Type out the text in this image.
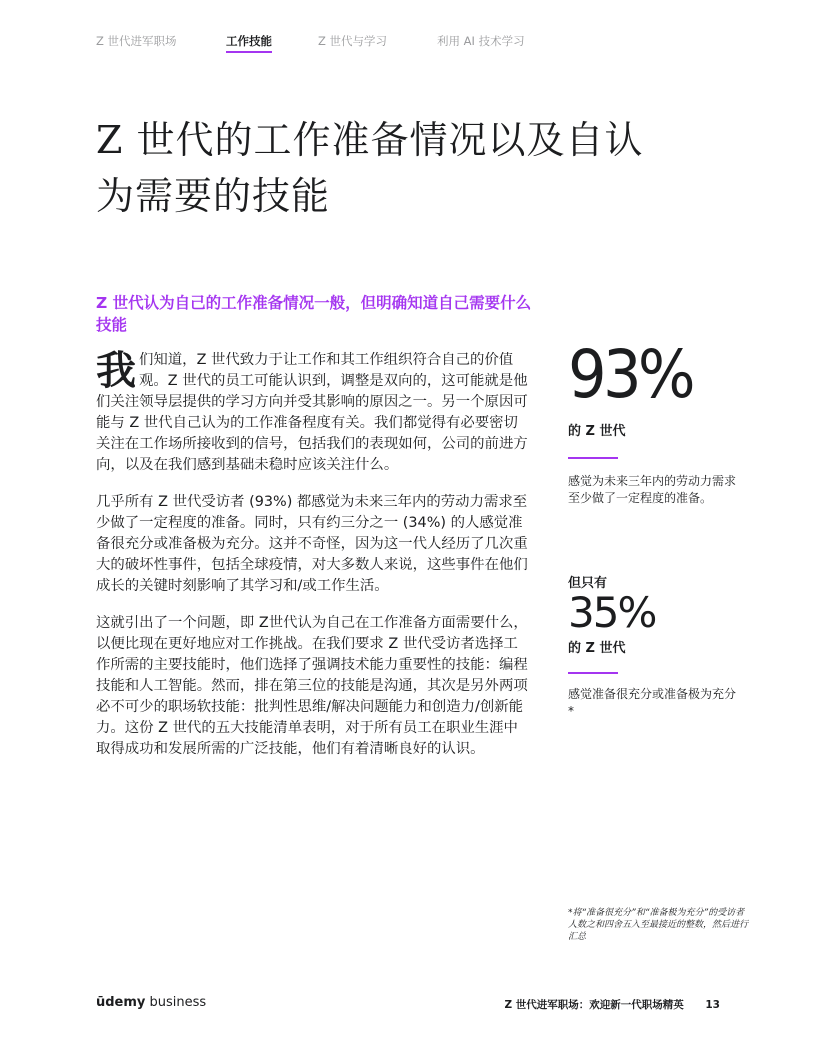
Z 世代进军职场	工作技能	Z 世代与学习	利用 AI 技术学习
Z 世代的工作准备情况以及自认为需要的技能
Z 世代认为自己的工作准备情况一般，但明确知道自己需要什么技能

我们知道，Z 世代致力于让工作和其工作组织符合自己的价值观。Z 世代的员工可能认识到，调整是双向的，这可能就是他们关注领导层提供的学习方向并受其影响的原因之一。另一个原因可能与 Z 世代自己认为的工作准备程度有关。我们都觉得有必要密切关注在工作场所接收到的信号，包括我们的表现如何，公司的前进方向，以及在我们感到基础未稳时应该关注什么。

几乎所有 Z 世代受访者 (93%) 都感觉为未来三年内的劳动力需求至少做了一定程度的准备。同时，只有约三分之一 (34%) 的人感觉准备很充分或准备极为充分。这并不奇怪，因为这一代人经历了几次重大的破坏性事件，包括全球疫情，对大多数人来说，这些事件在他们成长的关键时刻影响了其学习和/或工作生活。

这就引出了一个问题，即 Z世代认为自己在工作准备方面需要什么，以便比现在更好地应对工作挑战。在我们要求 Z 世代受访者选择工作所需的主要技能时，他们选择了强调技术能力重要性的技能：编程技能和人工智能。然而，排在第三位的技能是沟通，其次是另外两项必不可少的职场软技能：批判性思维/解决问题能力和创造力/创新能力。这份 Z 世代的五大技能清单表明，对于所有员工在职业生涯中取得成功和发展所需的广泛技能，他们有着清晰良好的认识。

93%
的 Z 世代
感觉为未来三年内的劳动力需求至少做了一定程度的准备。
但只有
35%
的 Z 世代
感觉准备很充分或准备极为充分*
*将“准备很充分”和“准备极为充分”的受访者人数之和四舍五入至最接近的整数，然后进行汇总
ūdemy business	Z 世代进军职场：欢迎新一代职场精英 13
